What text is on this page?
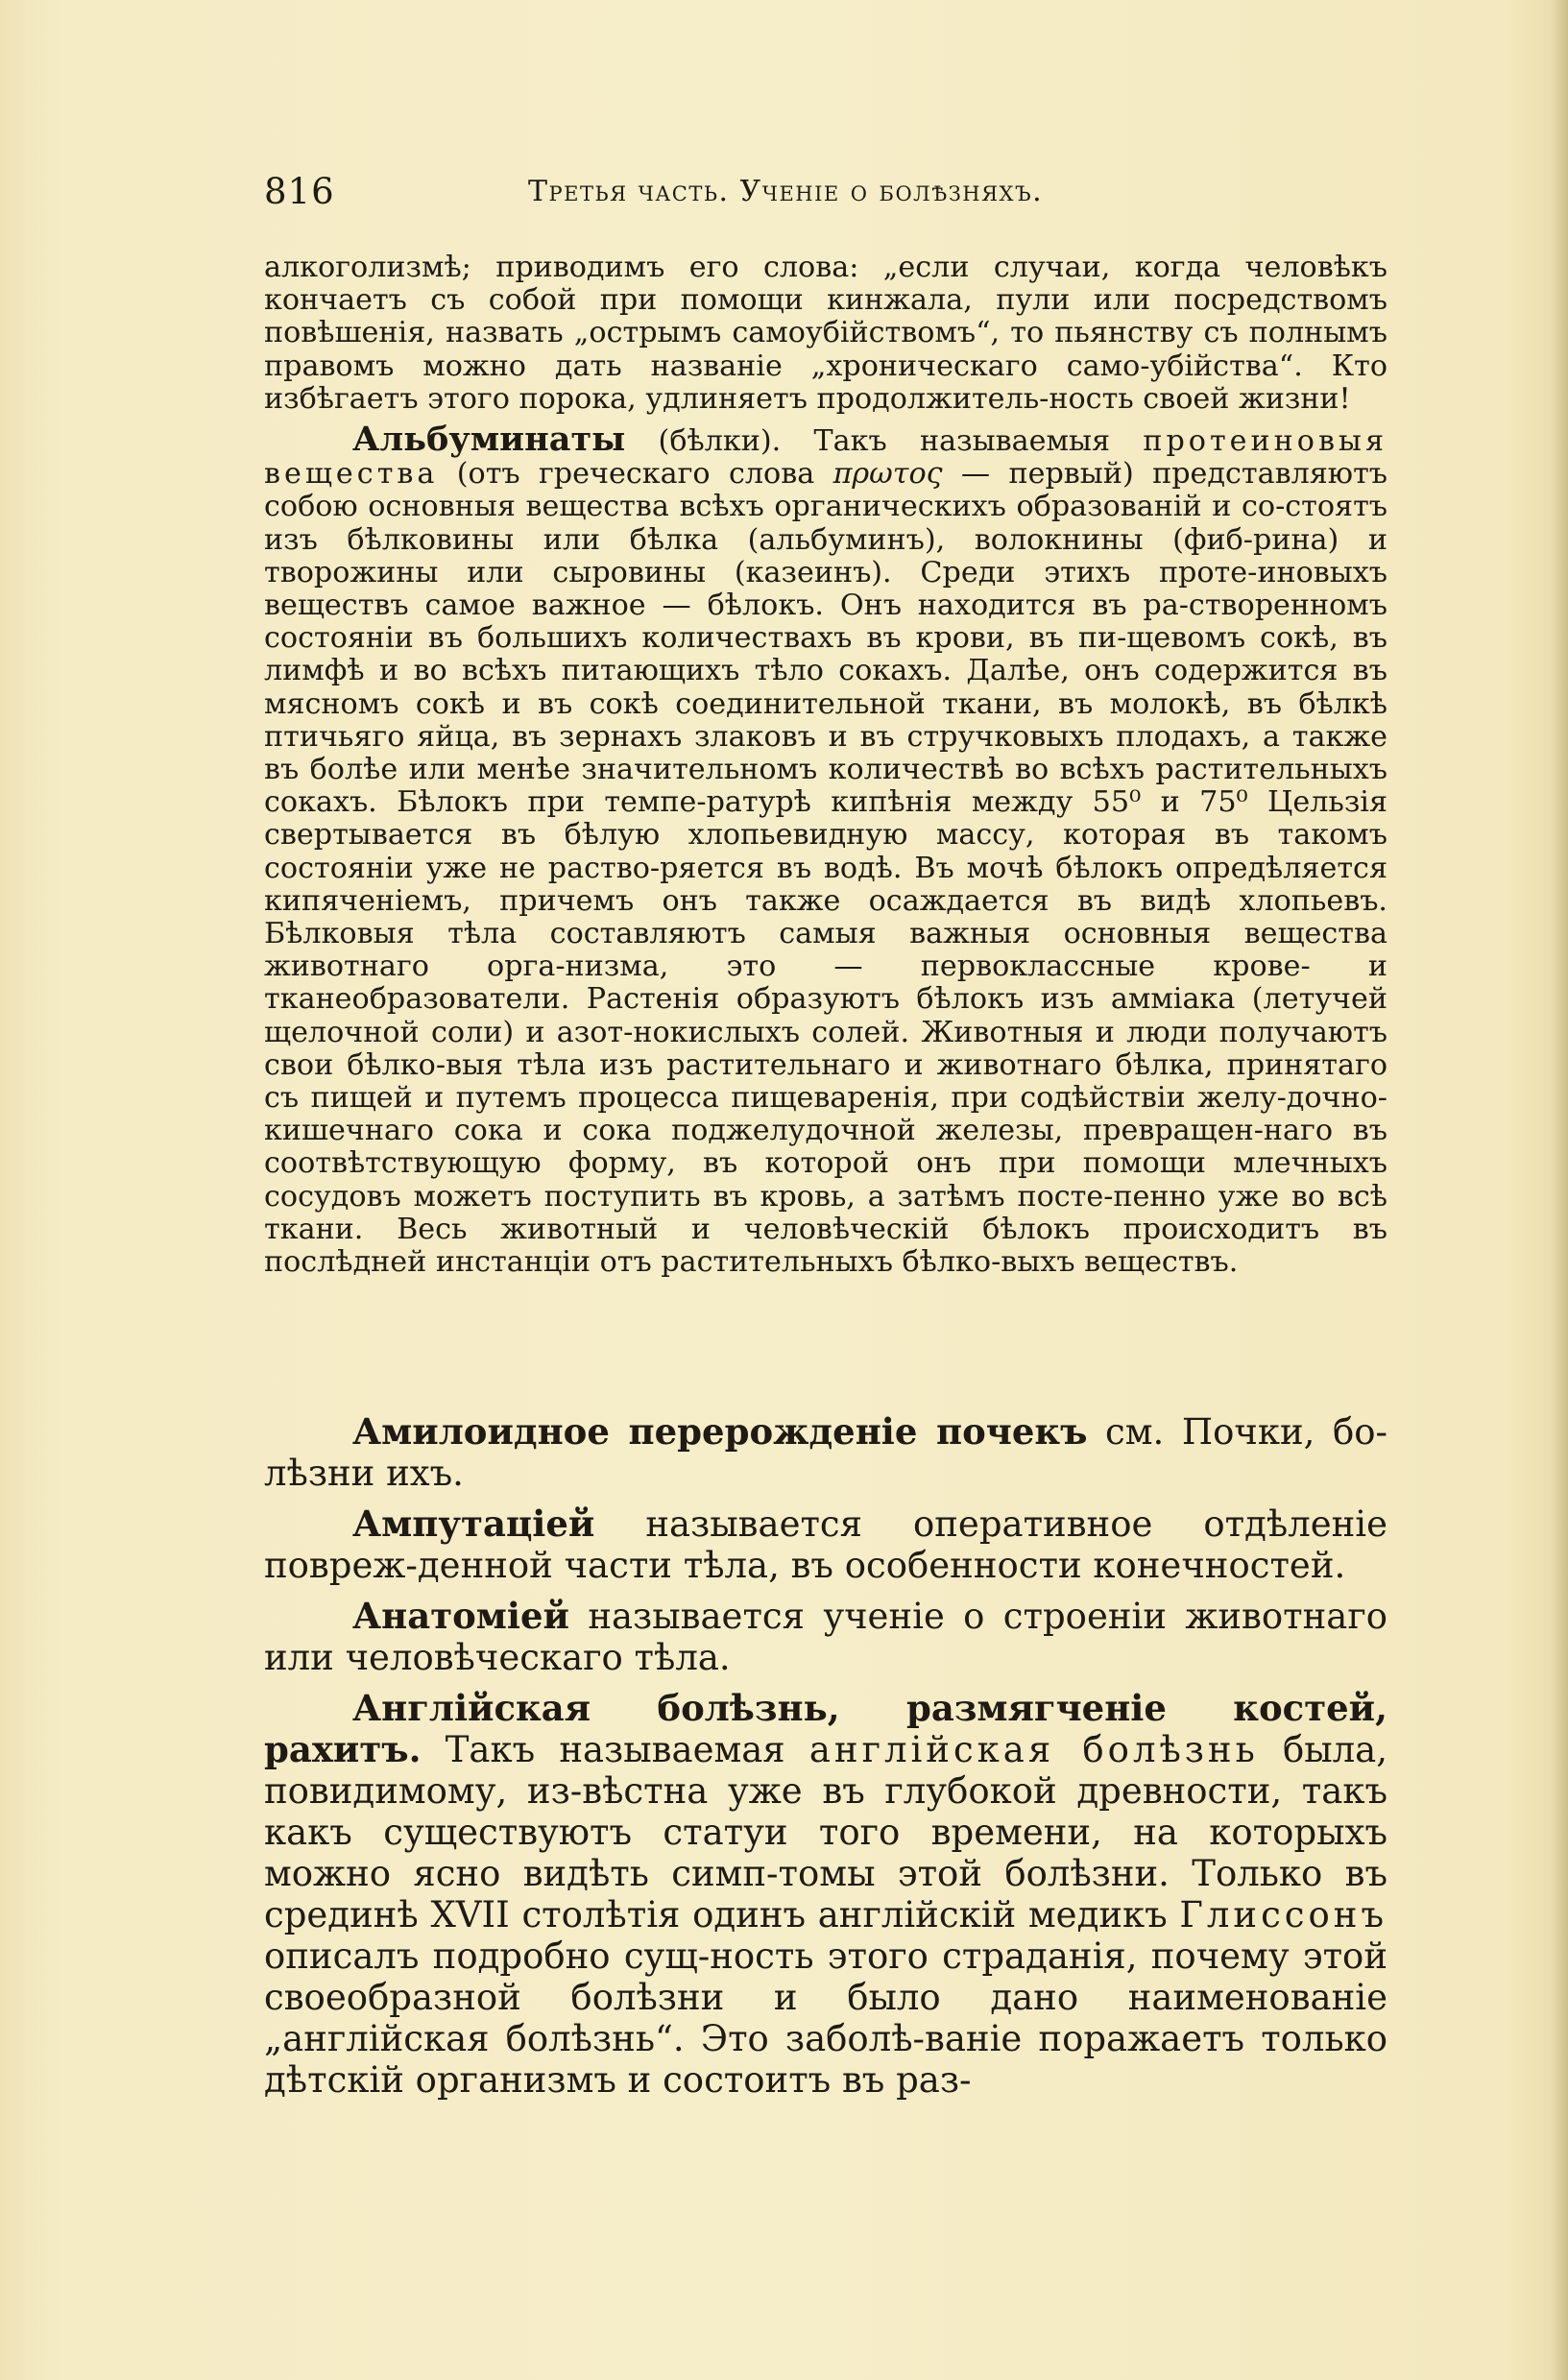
816	Третья часть. Ученіе о болѣзняхъ.

алкоголизмѣ; приводимъ его слова: „если случаи, когда человѣкъ кончаетъ съ собой при помощи кинжала, пули или посредствомъ повѣшенія, назвать „острымъ самоубійствомъ“, то пьянству съ полнымъ правомъ можно дать названіе „хроническаго само-убійства“. Кто избѣгаетъ этого порока, удлиняетъ продолжитель-ность своей жизни!

Альбуминаты (бѣлки). Такъ называемыя протеиновыя вещества (отъ греческаго слова πρωτος — первый) представляютъ собою основныя вещества всѣхъ органическихъ образованій и со-стоятъ изъ бѣлковины или бѣлка (альбуминъ), волокнины (фиб-рина) и творожины или сыровины (казеинъ). Среди этихъ проте-иновыхъ веществъ самое важное — бѣлокъ. Онъ находится въ ра-створенномъ состояніи въ большихъ количествахъ въ крови, въ пи-щевомъ сокѣ, въ лимфѣ и во всѣхъ питающихъ тѣло сокахъ. Далѣе, онъ содержится въ мясномъ сокѣ и въ сокѣ соединительной ткани, въ молокѣ, въ бѣлкѣ птичьяго яйца, въ зернахъ злаковъ и въ стручковыхъ плодахъ, а также въ болѣе или менѣе значительномъ количествѣ во всѣхъ растительныхъ сокахъ. Бѣлокъ при темпе-ратурѣ кипѣнія между 55⁰ и 75⁰ Цельзія свертывается въ бѣлую хлопьевидную массу, которая въ такомъ состояніи уже не раство-ряется въ водѣ. Въ мочѣ бѣлокъ опредѣляется кипяченіемъ, причемъ онъ также осаждается въ видѣ хлопьевъ. Бѣлковыя тѣла составляютъ самыя важныя основныя вещества животнаго орга-низма, это — первоклассные крове- и тканеобразователи. Растенія образуютъ бѣлокъ изъ амміака (летучей щелочной соли) и азот-нокислыхъ солей. Животныя и люди получаютъ свои бѣлко-выя тѣла изъ растительнаго и животнаго бѣлка, принятаго съ пищей и путемъ процесса пищеваренія, при содѣйствіи желу-дочно-кишечнаго сока и сока поджелудочной железы, превращен-наго въ соотвѣтствующую форму, въ которой онъ при помощи млечныхъ сосудовъ можетъ поступить въ кровь, а затѣмъ посте-пенно уже во всѣ ткани. Весь животный и человѣческій бѣлокъ происходитъ въ послѣдней инстанціи отъ растительныхъ бѣлко-выхъ веществъ.

Амилоидное перерожденіе почекъ см. Почки, бо-лѣзни ихъ.

Ампутаціей называется оперативное отдѣленіе повреж-денной части тѣла, въ особенности конечностей.

Анатоміей называется ученіе о строеніи животнаго или человѣческаго тѣла.

Англійская болѣзнь, размягченіе костей, рахитъ. Такъ называемая англійская болѣзнь была, повидимому, из-вѣстна уже въ глубокой древности, такъ какъ существуютъ статуи того времени, на которыхъ можно ясно видѣть симп-томы этой болѣзни. Только въ срединѣ XVII столѣтія одинъ англійскій медикъ Глиссонъ описалъ подробно сущ-ность этого страданія, почему этой своеобразной болѣзни и было дано наименованіе „англійская болѣзнь“. Это заболѣ-ваніе поражаетъ только дѣтскій организмъ и состоитъ въ раз-
